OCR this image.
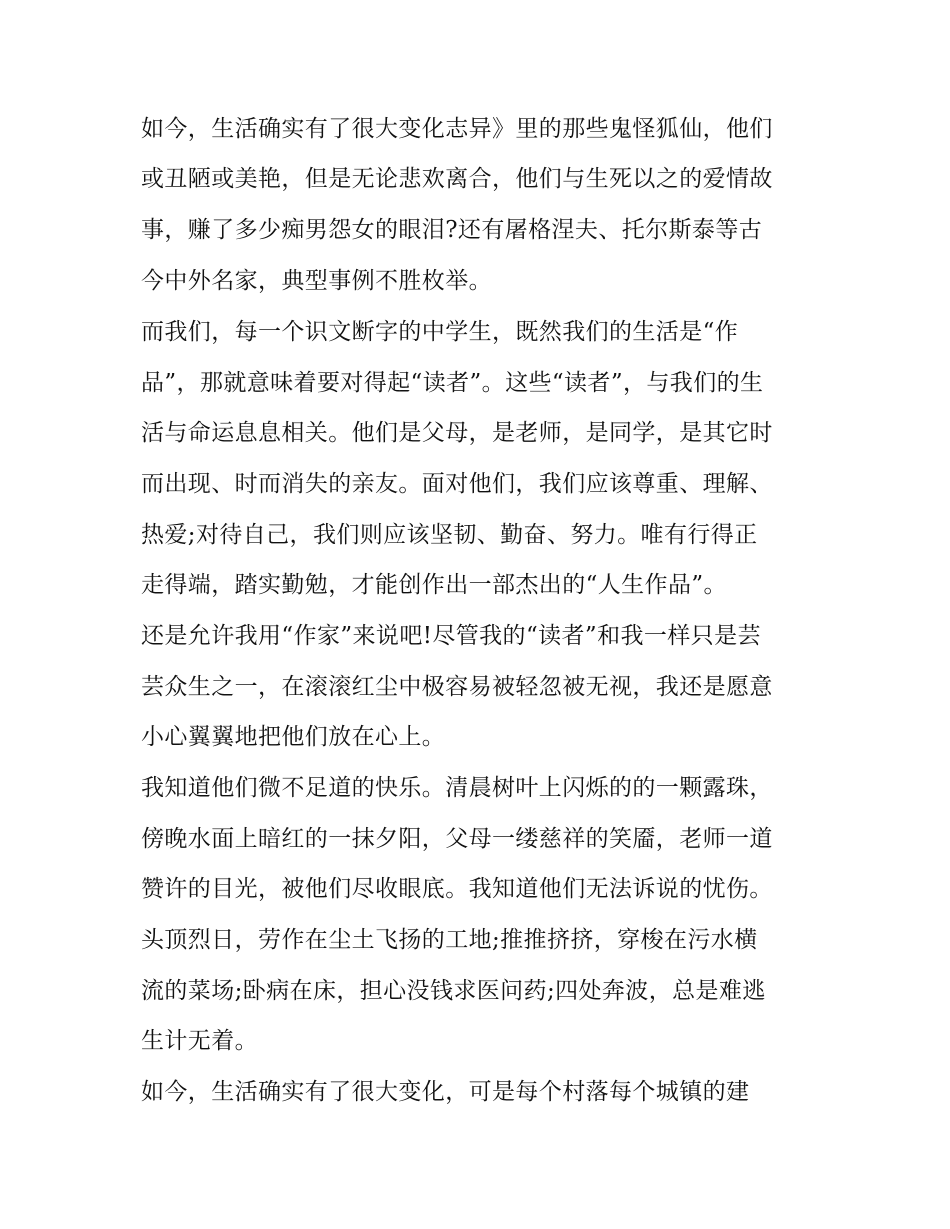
如今，生活确实有了很大变化志异》里的那些鬼怪狐仙，他们
或丑陋或美艳，但是无论悲欢离合，他们与生死以之的爱情故
事，赚了多少痴男怨女的眼泪?还有屠格涅夫、托尔斯泰等古
今中外名家，典型事例不胜枚举。
而我们，每一个识文断字的中学生，既然我们的生活是“作
品”，那就意味着要对得起“读者”。这些“读者”，与我们的生
活与命运息息相关。他们是父母，是老师，是同学，是其它时
而出现、时而消失的亲友。面对他们，我们应该尊重、理解、
热爱;对待自己，我们则应该坚韧、勤奋、努力。唯有行得正
走得端，踏实勤勉，才能创作出一部杰出的“人生作品”。
还是允许我用“作家”来说吧!尽管我的“读者”和我一样只是芸
芸众生之一，在滚滚红尘中极容易被轻忽被无视，我还是愿意
小心翼翼地把他们放在心上。
我知道他们微不足道的快乐。清晨树叶上闪烁的的一颗露珠，
傍晚水面上暗红的一抹夕阳，父母一缕慈祥的笑靥，老师一道
赞许的目光，被他们尽收眼底。我知道他们无法诉说的忧伤。
头顶烈日，劳作在尘土飞扬的工地;推推挤挤，穿梭在污水横
流的菜场;卧病在床，担心没钱求医问药;四处奔波，总是难逃
生计无着。
如今，生活确实有了很大变化，可是每个村落每个城镇的建
